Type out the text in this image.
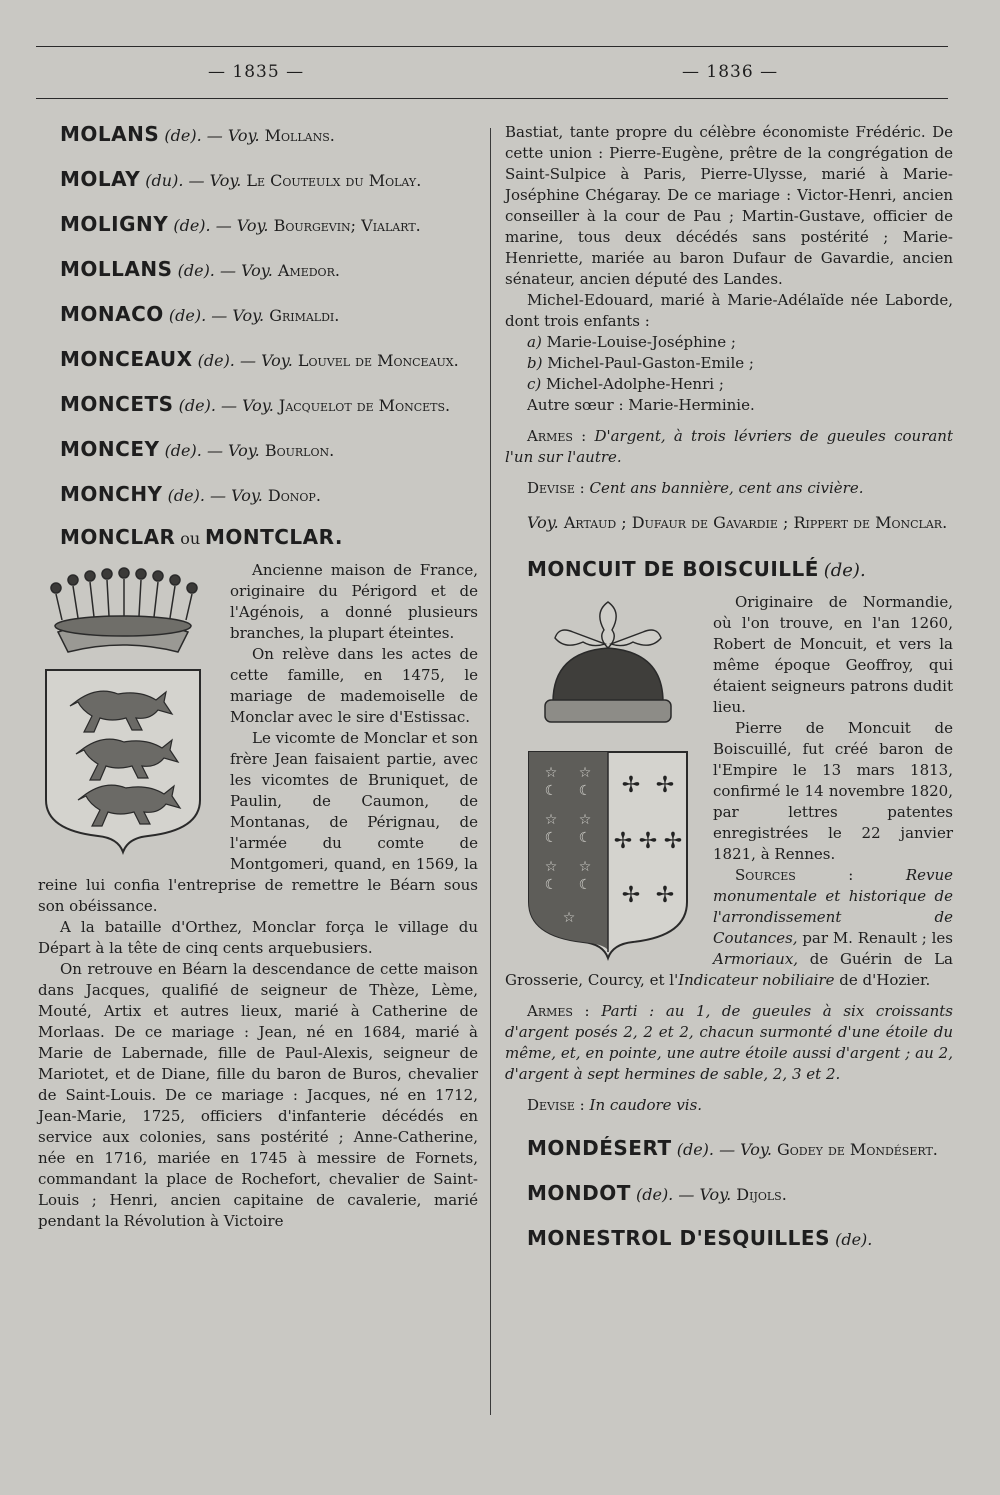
— 1835 —	— 1836 —

MOLANS (de). — Voy. Mollans.

MOLAY (du). — Voy. Le Couteulx du Molay.

MOLIGNY (de). — Voy. Bourgevin; Vialart.

MOLLANS (de). — Voy. Amedor.

MONACO (de). — Voy. Grimaldi.

MONCEAUX (de). — Voy. Louvel de Monceaux.

MONCETS (de). — Voy. Jacquelot de Moncets.

MONCEY (de). — Voy. Bourlon.

MONCHY (de). — Voy. Donop.

MONCLAR ou MONTCLAR.

Ancienne maison de France, originaire du Périgord et de l'Agénois, a donné plusieurs branches, la plupart éteintes.

On relève dans les actes de cette famille, en 1475, le mariage de mademoiselle de Monclar avec le sire d'Estissac.

Le vicomte de Monclar et son frère Jean faisaient partie, avec les vicomtes de Bruniquet, de Paulin, de Caumon, de Montanas, de Pérignau, de l'armée du comte de Montgomeri, quand, en 1569, la reine lui confia l'entreprise de remettre le Béarn sous son obéissance.

A la bataille d'Orthez, Monclar força le village du Départ à la tête de cinq cents arquebusiers.

On retrouve en Béarn la descendance de cette maison dans Jacques, qualifié de seigneur de Thèze, Lème, Mouté, Artix et autres lieux, marié à Catherine de Morlaas. De ce mariage : Jean, né en 1684, marié à Marie de Labernade, fille de Paul-Alexis, seigneur de Mariotet, et de Diane, fille du baron de Buros, chevalier de Saint-Louis. De ce mariage : Jacques, né en 1712, Jean-Marie, 1725, officiers d'infanterie décédés en service aux colonies, sans postérité ; Anne-Catherine, née en 1716, mariée en 1745 à messire de Fornets, commandant la place de Rochefort, chevalier de Saint-Louis ; Henri, ancien capitaine de cavalerie, marié pendant la Révolution à Victoire

Bastiat, tante propre du célèbre économiste Frédéric. De cette union : Pierre-Eugène, prêtre de la congrégation de Saint-Sulpice à Paris, Pierre-Ulysse, marié à Marie-Joséphine Chégaray. De ce mariage : Victor-Henri, ancien conseiller à la cour de Pau ; Martin-Gustave, officier de marine, tous deux décédés sans postérité ; Marie-Henriette, mariée au baron Dufaur de Gavardie, ancien sénateur, ancien député des Landes.

Michel-Edouard, marié à Marie-Adélaïde née Laborde, dont trois enfants :

a) Marie-Louise-Joséphine ;

b) Michel-Paul-Gaston-Emile ;

c) Michel-Adolphe-Henri ;

Autre sœur : Marie-Herminie.

Armes : D'argent, à trois lévriers de gueules courant l'un sur l'autre.

Devise : Cent ans bannière, cent ans civière.

Voy. Artaud ; Dufaur de Gavardie ; Rippert de Monclar.

MONCUIT DE BOISCUILLÉ (de).
☆ ☆
☾ ☾
☆ ☆
☾ ☾
☆ ☆
☾ ☾
☆
✢ ✢
✢ ✢ ✢
✢ ✢

Originaire de Normandie, où l'on trouve, en l'an 1260, Robert de Moncuit, et vers la même époque Geoffroy, qui étaient seigneurs patrons dudit lieu.

Pierre de Moncuit de Boiscuillé, fut créé baron de l'Empire le 13 mars 1813, confirmé le 14 novembre 1820, par lettres patentes enregistrées le 22 janvier 1821, à Rennes.

Sources :	Revue monumentale et historique de l'arrondissement de Coutances, par M. Renault ; les Armoriaux, de Guérin de La Grosserie, Courcy, et l'Indicateur nobiliaire de d'Hozier.

Armes : Parti : au 1, de gueules à six croissants d'argent posés 2, 2 et 2, chacun surmonté d'une étoile du même, et, en pointe, une autre étoile aussi d'argent ; au 2, d'argent à sept hermines de sable, 2, 3 et 2.

Devise : In caudore vis.

MONDÉSERT (de). — Voy. Godey de Mondésert.

MONDOT (de). — Voy. Dijols.

MONESTROL D'ESQUILLES (de).
